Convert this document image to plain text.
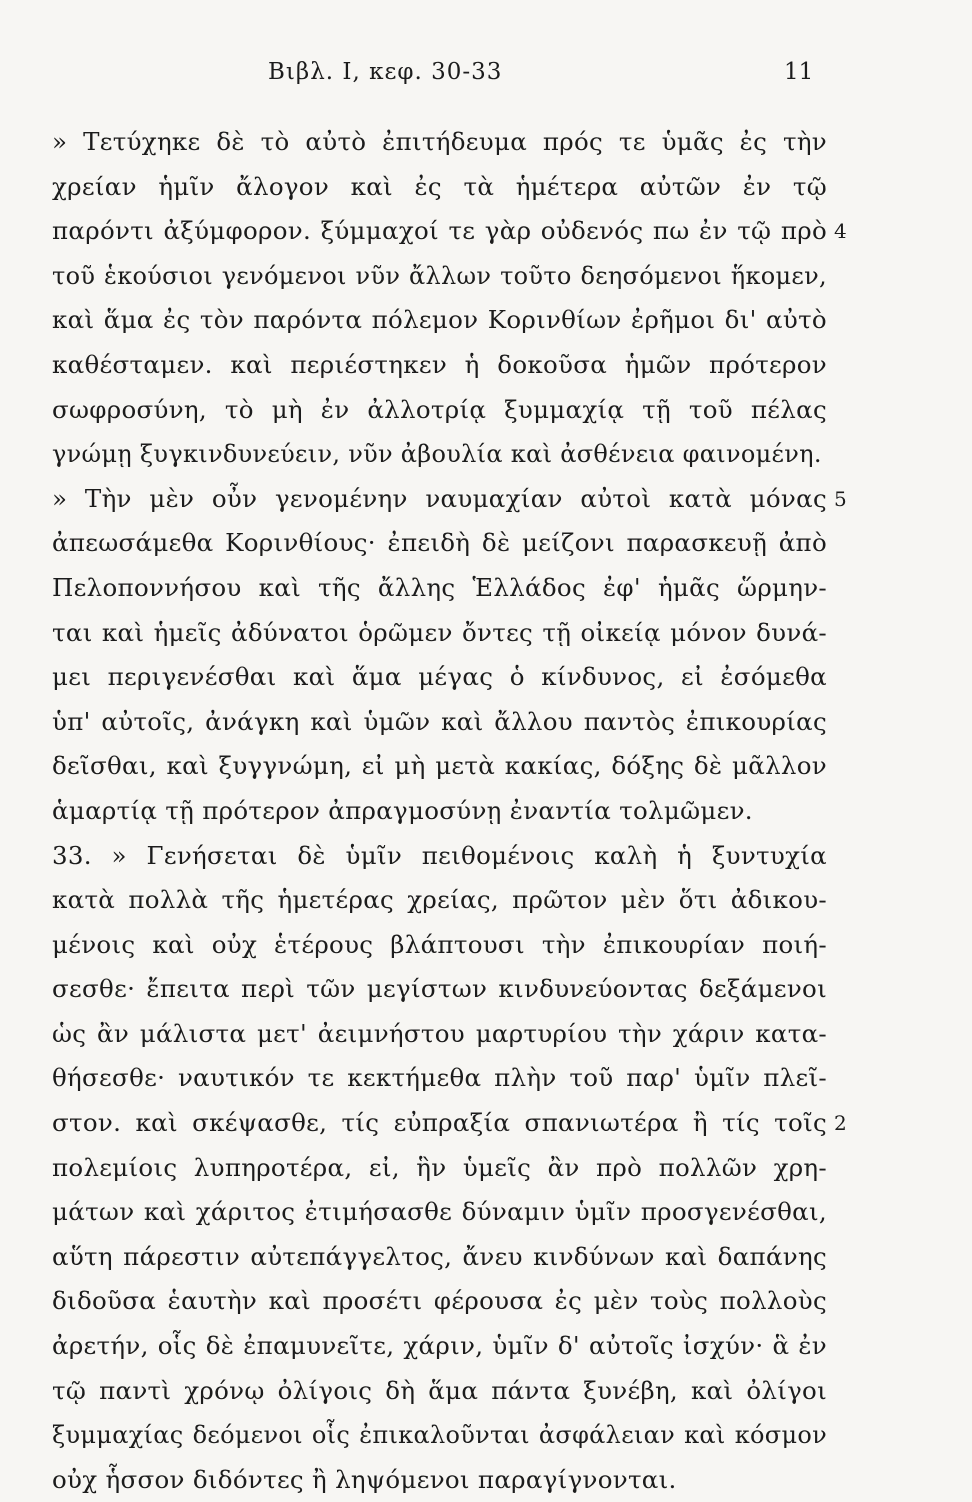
Βιβλ. Ι, κεφ. 30-33	11
» Τετύχηκε δὲ τὸ αὐτὸ ἐπιτήδευμα πρός τε ὑμᾶς ἐς τὴν
χρείαν ἡμῖν ἄλογον καὶ ἐς τὰ ἡμέτερα αὐτῶν ἐν τῷ
παρόντι ἀξύμφορον. ξύμμαχοί τε γὰρ οὐδενός πω ἐν τῷ πρὸ
τοῦ ἑκούσιοι γενόμενοι νῦν ἄλλων τοῦτο δεησόμενοι ἥκομεν,
καὶ ἅμα ἐς τὸν παρόντα πόλεμον Κορινθίων ἐρῆμοι δι' αὐτὸ
καθέσταμεν. καὶ περιέστηκεν ἡ δοκοῦσα ἡμῶν πρότερον
σωφροσύνη, τὸ μὴ ἐν ἀλλοτρίᾳ ξυμμαχίᾳ τῇ τοῦ πέλας
γνώμῃ ξυγκινδυνεύειν, νῦν ἀβουλία καὶ ἀσθένεια φαινομένη.
» Τὴν μὲν οὖν γενομένην ναυμαχίαν αὐτοὶ κατὰ μόνας
ἀπεωσάμεθα Κορινθίους· ἐπειδὴ δὲ μείζονι παρασκευῇ ἀπὸ
Πελοποννήσου καὶ τῆς ἄλλης Ἑλλάδος ἐφ' ἡμᾶς ὥρμην-
ται καὶ ἡμεῖς ἀδύνατοι ὁρῶμεν ὄντες τῇ οἰκείᾳ μόνον δυνά-
μει περιγενέσθαι καὶ ἅμα μέγας ὁ κίνδυνος, εἰ ἐσόμεθα
ὑπ' αὐτοῖς, ἀνάγκη καὶ ὑμῶν καὶ ἄλλου παντὸς ἐπικουρίας
δεῖσθαι, καὶ ξυγγνώμη, εἰ μὴ μετὰ κακίας, δόξης δὲ μᾶλλον
ἁμαρτίᾳ τῇ πρότερον ἀπραγμοσύνῃ ἐναντία τολμῶμεν.
33. » Γενήσεται δὲ ὑμῖν πειθομένοις καλὴ ἡ ξυντυχία
κατὰ πολλὰ τῆς ἡμετέρας χρείας, πρῶτον μὲν ὅτι ἀδικου-
μένοις καὶ οὐχ ἑτέρους βλάπτουσι τὴν ἐπικουρίαν ποιή-
σεσθε· ἔπειτα περὶ τῶν μεγίστων κινδυνεύοντας δεξάμενοι
ὡς ἂν μάλιστα μετ' ἀειμνήστου μαρτυρίου τὴν χάριν κατα-
θήσεσθε· ναυτικόν τε κεκτήμεθα πλὴν τοῦ παρ' ὑμῖν πλεῖ-
στον. καὶ σκέψασθε, τίς εὐπραξία σπανιωτέρα ἢ τίς τοῖς
πολεμίοις λυπηροτέρα, εἰ, ἣν ὑμεῖς ἂν πρὸ πολλῶν χρη-
μάτων καὶ χάριτος ἐτιμήσασθε δύναμιν ὑμῖν προσγενέσθαι,
αὕτη πάρεστιν αὐτεπάγγελτος, ἄνευ κινδύνων καὶ δαπάνης
διδοῦσα ἑαυτὴν καὶ προσέτι φέρουσα ἐς μὲν τοὺς πολλοὺς
ἀρετήν, οἷς δὲ ἐπαμυνεῖτε, χάριν, ὑμῖν δ' αὐτοῖς ἰσχύν· ἃ ἐν
τῷ παντὶ χρόνῳ ὀλίγοις δὴ ἅμα πάντα ξυνέβη, καὶ ὀλίγοι
ξυμμαχίας δεόμενοι οἷς ἐπικαλοῦνται ἀσφάλειαν καὶ κόσμον
οὐχ ἧσσον διδόντες ἢ ληψόμενοι παραγίγνονται.
4
5
2
